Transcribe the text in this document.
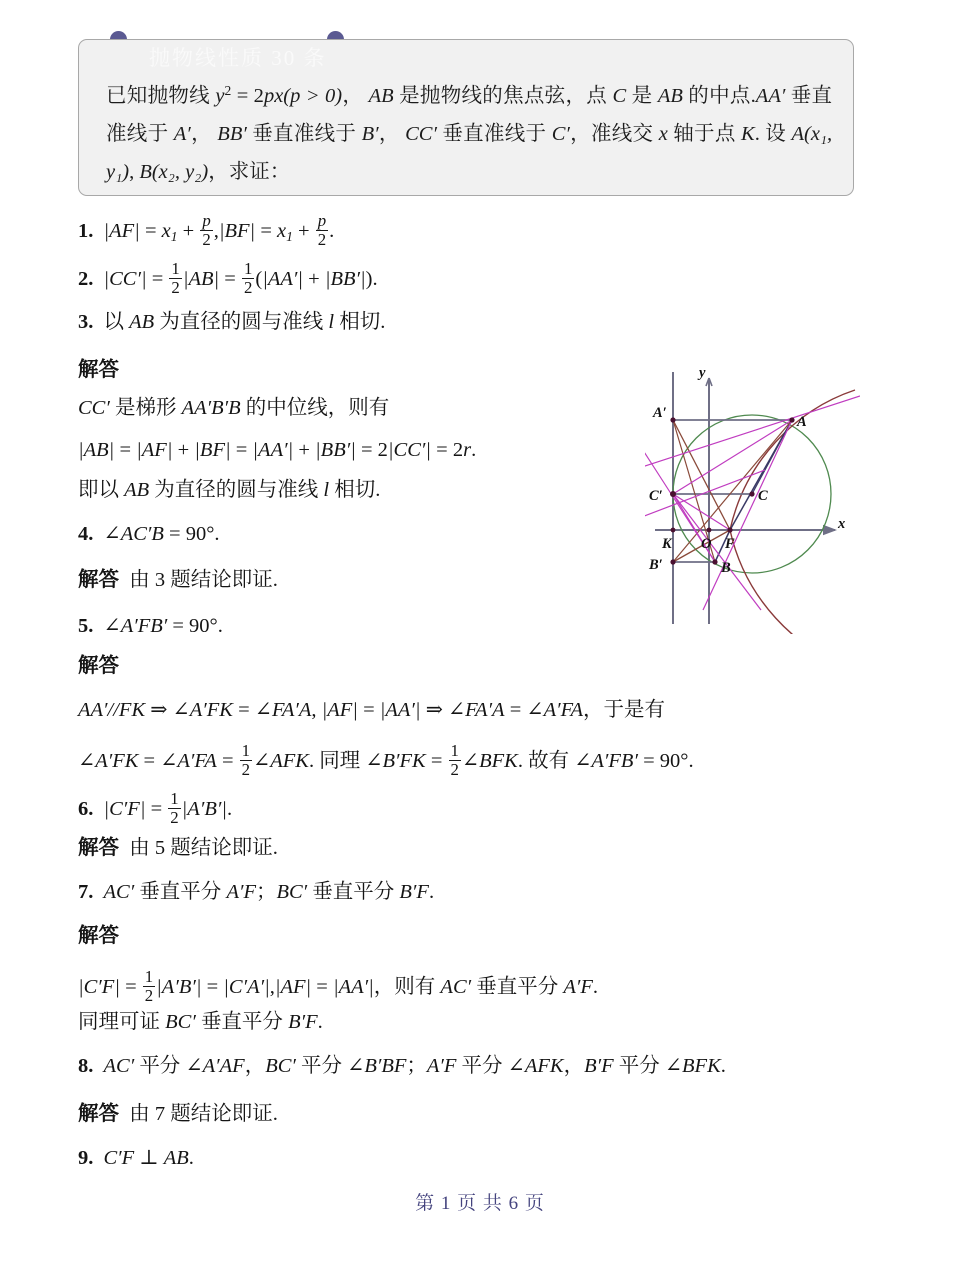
抛物线性质 30 条
已知抛物线 $y^2 = 2px(p > 0)$， AB 是抛物线的焦点弦，点 C 是 AB 的中点.AA′ 垂直准线于 A′， BB′ 垂直准线于 B′， CC′ 垂直准线于 C′，准线交 x 轴于点 K. 设 A(x₁, y₁), B(x₂, y₂)，求证：
1. $|AF| = x_1 + \frac{p}{2} ,|BF| = x_1 + \frac{p}{2}$ .
2. $|CC'| = \frac{1}{2} |AB| = \frac{1}{2} (|AA'| + |BB'|)$.
3. 以 AB 为直径的圆与准线 l 相切.
解答
CC′ 是梯形 AA′B′B 的中位线，则有
|AB| = |AF| + |BF| = |AA′| + |BB′| = 2|CC′| = 2r.
即以 AB 为直径的圆与准线 l 相切.
4. ∠AC′B = 90°.
解答 由 3 题结论即证.
5. ∠A′FB′ = 90°.
解答
AA′//FK ⇒ ∠A′FK = ∠FA′A, |AF| = |AA′| ⇒ ∠FA′A = ∠A′FA，于是有
∠A′FK = ∠A′FA = $\frac{1}{2}$ ∠AFK. 同理 ∠B′FK = $\frac{1}{2}$ ∠BFK. 故有 ∠A′FB′ = 90°.
6. $|C'F| = \frac{1}{2} |A'B'|$.
解答 由 5 题结论即证.
7. AC′ 垂直平分 A′F；BC′ 垂直平分 B′F.
解答
$|C'F| = \frac{1}{2} |A'B'| = |C'A'|,|AF| = |AA'|$，则有 AC′ 垂直平分 A′F.
同理可证 BC′ 垂直平分 B′F.
8. AC′ 平分 ∠A′AF，BC′ 平分 ∠B′BF；A′F 平分 ∠AFK，B′F 平分 ∠BFK.
解答 由 7 题结论即证.
9. C′F ⊥ AB.
A′
A
C′	C
K O F
B′	B
x
y
第 1 页 共 6 页
